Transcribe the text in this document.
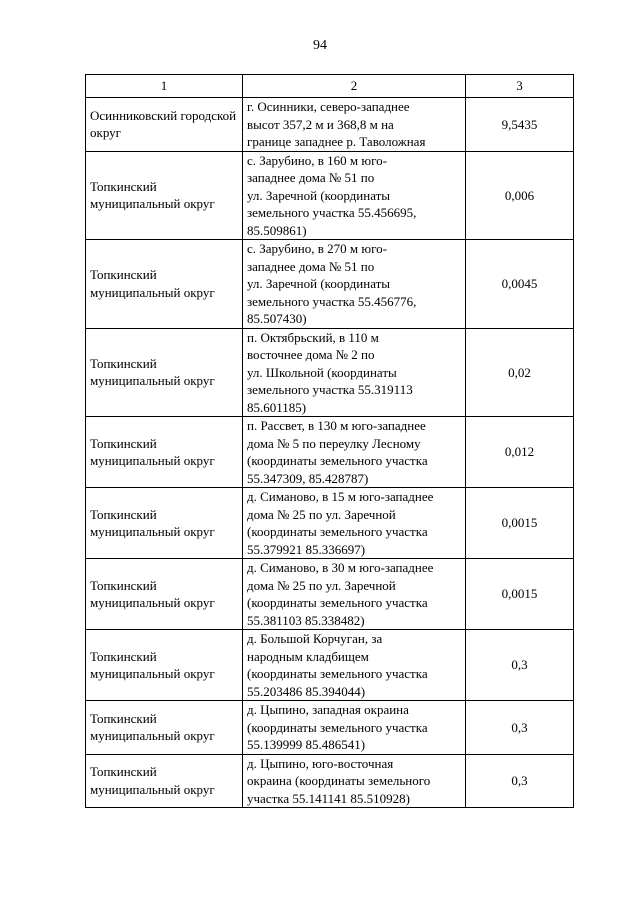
94
1	2	3
Осинниковский городской округ	г. Осинники, северо-западнее
высот 357,2 м и 368,8 м на
границе западнее р. Таволожная	9,5435
Топкинский муниципальный округ	с. Зарубино, в 160 м юго-
западнее дома № 51 по
ул. Заречной (координаты
земельного участка 55.456695,
85.509861)	0,006
Топкинский муниципальный округ	с. Зарубино, в 270 м юго-
западнее дома № 51 по
ул. Заречной (координаты
земельного участка 55.456776,
85.507430)	0,0045
Топкинский муниципальный округ	п. Октябрьский, в 110 м
восточнее дома № 2 по
ул. Школьной (координаты
земельного участка 55.319113
85.601185)	0,02
Топкинский муниципальный округ	п. Рассвет, в 130 м юго-западнее
дома № 5 по переулку Лесному
(координаты земельного участка
55.347309, 85.428787)	0,012
Топкинский муниципальный округ	д. Симаново, в 15 м юго-западнее
дома № 25 по ул. Заречной
(координаты земельного участка
55.379921 85.336697)	0,0015
Топкинский муниципальный округ	д. Симаново, в 30 м юго-западнее
дома № 25 по ул. Заречной
(координаты земельного участка
55.381103 85.338482)	0,0015
Топкинский муниципальный округ	д. Большой Корчуган, за
народным кладбищем
(координаты земельного участка
55.203486 85.394044)	0,3
Топкинский муниципальный округ	д. Цыпино, западная окраина
(координаты земельного участка
55.139999 85.486541)	0,3
Топкинский муниципальный округ	д. Цыпино, юго-восточная
окраина (координаты земельного
участка 55.141141 85.510928)	0,3
